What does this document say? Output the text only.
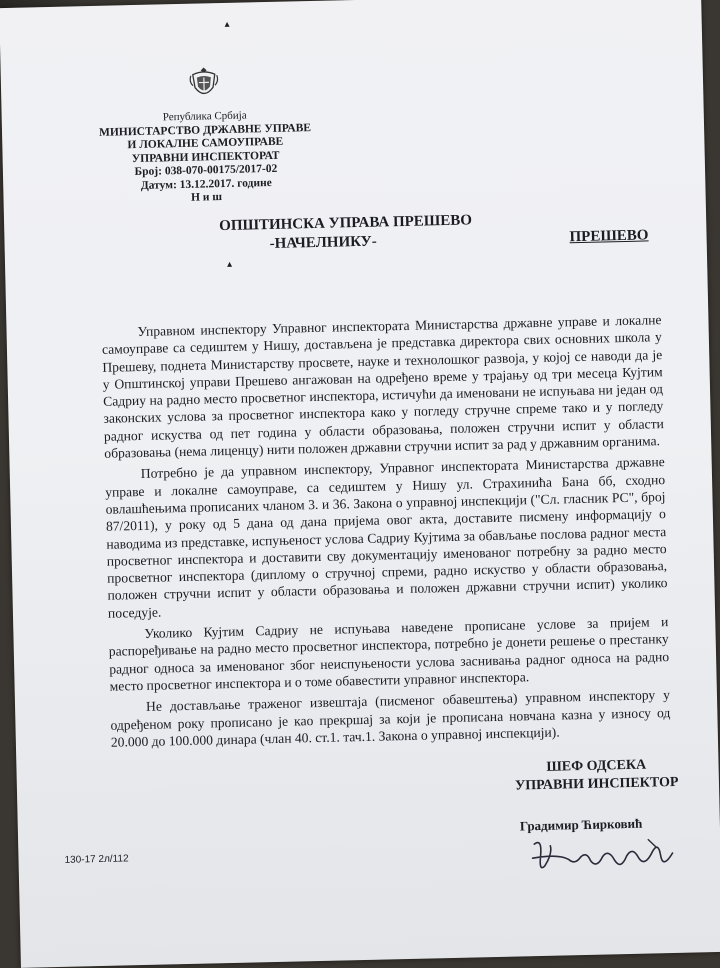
▴
Република Србија
МИНИСТАРСТВО ДРЖАВНЕ УПРАВЕ
И ЛОКАЛНЕ САМОУПРАВЕ
УПРАВНИ ИНСПЕКТОРАТ
Број: 038-070-00175/2017-02
Датум: 13.12.2017. године
Н и ш
ОПШТИНСКА УПРАВА ПРЕШЕВО
-НАЧЕЛНИКУ-	ПРЕШЕВО
▴

Управном инспектору Управног инспектората Министарства државне управе и локалне самоуправе са седиштем у Нишу, достављена је представка директора свих основних школа у Прешеву, поднета Министарству просвете, науке и технолошког развоја, у којој се наводи да је у Општинској управи Прешево ангажован на одређено време у трајању од три месеца Кујтим Садриу на радно место просветног инспектора, истичући да именовани не испуњава ни један од законских услова за просветног инспектора како у погледу стручне спреме тако и у погледу радног искуства од пет година у области образовања, положен стручни испит у области образовања (нема лиценцу) нити положен државни стручни испит за рад у државним органима.

Потребно је да управном инспектору, Управног инспектората Министарства државне управе и локалне самоуправе, са седиштем у Нишу ул. Страхинића Бана бб, сходно овлашћењима прописаних чланом 3. и 36. Закона о управној инспекцији ("Сл. гласник РС", број 87/2011), у року од 5 дана од дана пријема овог акта, доставите писмену информацију о наводима из представке, испуњеност услова Садриу Кујтима за обављање послова радног места просветног инспектора и доставити сву документацију именованог потребну за радно место просветног инспектора (диплому о стручној спреми, радно искуство у области образовања, положен стручни испит у области образовања и положен државни стручни испит) уколико поседује.

Уколико Кујтим Садриу не испуњава наведене прописане услове за пријем и распоређивање на радно место просветног инспектора, потребно је донети решење о престанку радног односа за именованог због неиспуњености услова заснивања радног односа на радно место просветног инспектора и о томе обавестити управног инспектора.

Не достављање траженог извештаја (писменог обавештења) управном инспектору у одређеном року прописано је као прекршај за који је прописана новчана казна у износу од 20.000 до 100.000 динара (члан 40. ст.1. тач.1. Закона о управној инспекцији).

ШЕФ ОДСЕКА
УПРАВНИ ИНСПЕКТОР
Градимир Ћирковић
130-17 2л/112
